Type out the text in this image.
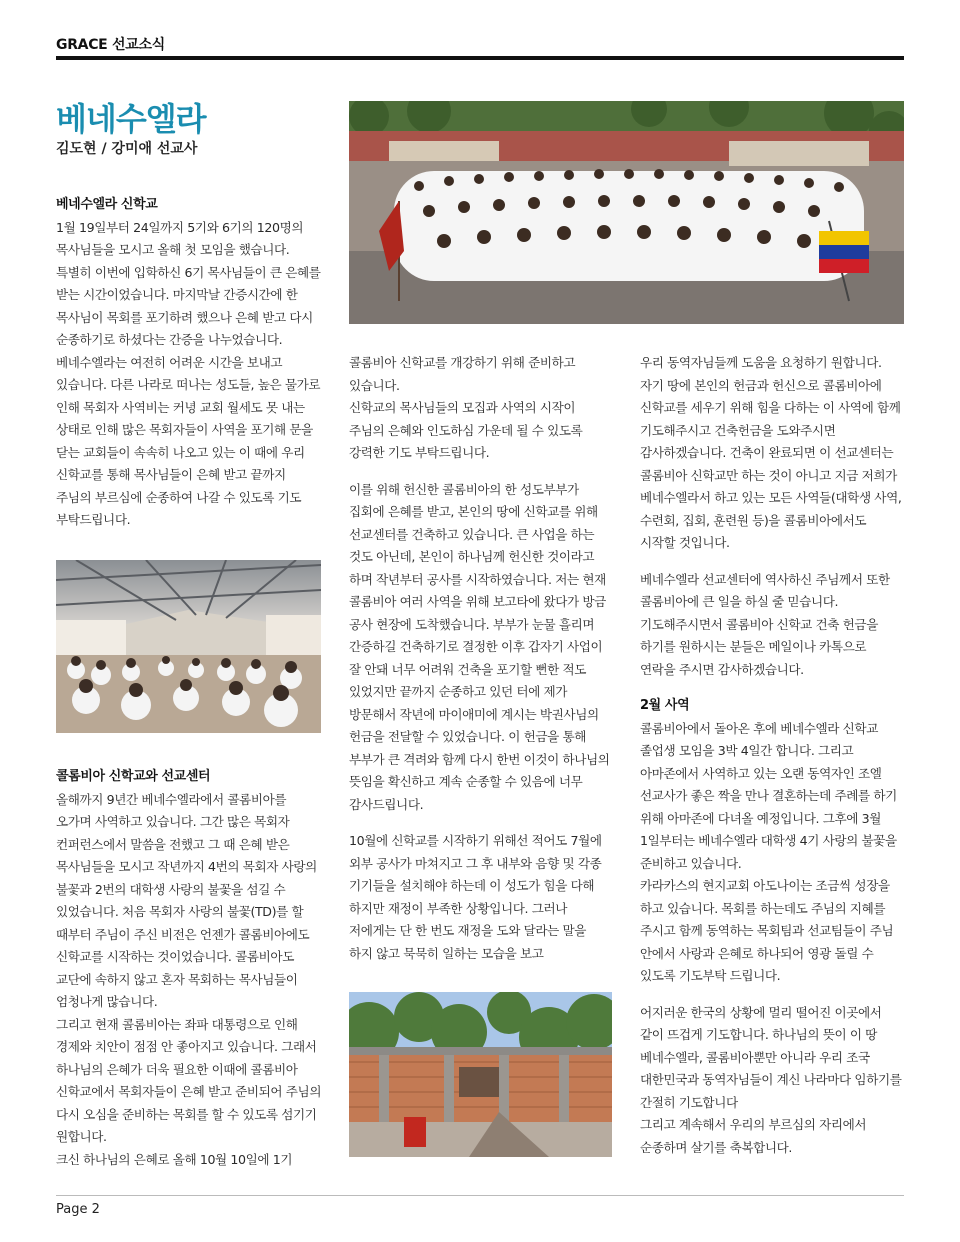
GRACE 선교소식
베네수엘라
김도현 / 강미애 선교사
베네수엘라 신학교

1월 19일부터 24일까지 5기와 6기의 120명의 목사님들을 모시고 올해 첫 모임을 했습니다. 특별히 이번에 입학하신 6기 목사님들이 큰 은혜를 받는 시간이었습니다. 마지막날 간증시간에 한 목사님이 목회를 포기하려 했으나 은혜 받고 다시 순종하기로 하셨다는 간증을 나누었습니다. 베네수엘라는 여전히 어려운 시간을 보내고 있습니다. 다른 나라로 떠나는 성도들, 높은 물가로 인해 목회자 사역비는 커녕 교회 월세도 못 내는 상태로 인해 많은 목회자들이 사역을 포기해 문을 닫는 교회들이 속속히 나오고 있는 이 때에 우리 신학교를 통해 목사님들이 은혜 받고 끝까지 주님의 부르심에 순종하여 나갈 수 있도록 기도 부탁드립니다.

콜롬비아 신학교와 선교센터

올해까지 9년간 베네수엘라에서 콜롬비아를 오가며 사역하고 있습니다. 그간 많은 목회자 컨퍼런스에서 말씀을 전했고 그 때 은혜 받은 목사님들을 모시고 작년까지 4번의 목회자 사랑의 불꽃과 2번의 대학생 사랑의 불꽃을 섬길 수 있었습니다. 처음 목회자 사랑의 불꽃(TD)를 할 때부터 주님이 주신 비전은 언젠가 콜롬비아에도 신학교를 시작하는 것이었습니다. 콜롬비아도 교단에 속하지 않고 혼자 목회하는 목사님들이 엄청나게 많습니다.

그리고 현재 콜롬비아는 좌파 대통령으로 인해 경제와 치안이 점점 안 좋아지고 있습니다. 그래서 하나님의 은혜가 더욱 필요한 이때에 콜롬비아 신학교에서 목회자들이 은혜 받고 준비되어 주님의 다시 오심을 준비하는 목회를 할 수 있도록 섬기기 원합니다.

크신 하나님의 은혜로 올해 10월 10일에 1기

콜롬비아 신학교를 개강하기 위해 준비하고 있습니다.

신학교의 목사님들의 모집과 사역의 시작이 주님의 은혜와 인도하심 가운데 될 수 있도록 강력한 기도 부탁드립니다.

이를 위해 헌신한 콜롬비아의 한 성도부부가 집회에 은혜를 받고, 본인의 땅에 신학교를 위해 선교센터를 건축하고 있습니다. 큰 사업을 하는 것도 아닌데, 본인이 하나님께 헌신한 것이라고 하며 작년부터 공사를 시작하였습니다. 저는 현재 콜롬비아 여러 사역을 위해 보고타에 왔다가 방금 공사 현장에 도착했습니다. 부부가 눈물 흘리며 간증하길 건축하기로 결정한 이후 갑자기 사업이 잘 안돼 너무 어려워 건축을 포기할 뻔한 적도 있었지만 끝까지 순종하고 있던 터에 제가 방문해서 작년에 마이애미에 계시는 박권사님의 헌금을 전달할 수 있었습니다. 이 헌금을 통해 부부가 큰 격려와 함께 다시 한번 이것이 하나님의 뜻임을 확신하고 계속 순종할 수 있음에 너무 감사드립니다.

10월에 신학교를 시작하기 위해선 적어도 7월에 외부 공사가 마쳐지고 그 후 내부와 음향 및 각종 기기들을 설치해야 하는데 이 성도가 힘을 다해 하지만 재정이 부족한 상황입니다. 그러나 저에게는 단 한 번도 재정을 도와 달라는 말을 하지 않고 묵묵히 일하는 모습을 보고

우리 동역자님들께 도움을 요청하기 원합니다.

자기 땅에 본인의 헌금과 헌신으로 콜롬비아에 신학교를 세우기 위해 힘을 다하는 이 사역에 함께 기도해주시고 건축헌금을 도와주시면 감사하겠습니다. 건축이 완료되면 이 선교센터는 콜롬비아 신학교만 하는 것이 아니고 지금 저희가 베네수엘라서 하고 있는 모든 사역들(대학생 사역, 수련회, 집회, 훈련원 등)을 콜롬비아에서도 시작할 것입니다.

베네수엘라 선교센터에 역사하신 주님께서 또한 콜롬비아에 큰 일을 하실 줄 믿습니다. 기도해주시면서 콜롬비아 신학교 건축 헌금을 하기를 원하시는 분들은 메일이나 카톡으로 연락을 주시면 감사하겠습니다.

2월 사역

콜롬비아에서 돌아온 후에 베네수엘라 신학교 졸업생 모임을 3박 4일간 합니다. 그리고 아마존에서 사역하고 있는 오랜 동역자인 조엘 선교사가 좋은 짝을 만나 결혼하는데 주례를 하기 위해 아마존에 다녀올 예정입니다. 그후에 3월 1일부터는 베네수엘라 대학생 4기 사랑의 불꽃을 준비하고 있습니다.

카라카스의 현지교회 아도나이는 조금씩 성장을 하고 있습니다. 목회를 하는데도 주님의 지혜를 주시고 함께 동역하는 목회팀과 선교팀들이 주님 안에서 사랑과 은혜로 하나되어 영광 돌릴 수 있도록 기도부탁 드립니다.

어지러운 한국의 상황에 멀리 떨어진 이곳에서 같이 뜨겁게 기도합니다. 하나님의 뜻이 이 땅 베네수엘라, 콜롬비아뿐만 아니라 우리 조국 대한민국과 동역자님들이 계신 나라마다 임하기를 간절히 기도합니다

그리고 계속해서 우리의 부르심의 자리에서 순종하며 살기를 축복합니다.

Page 2
